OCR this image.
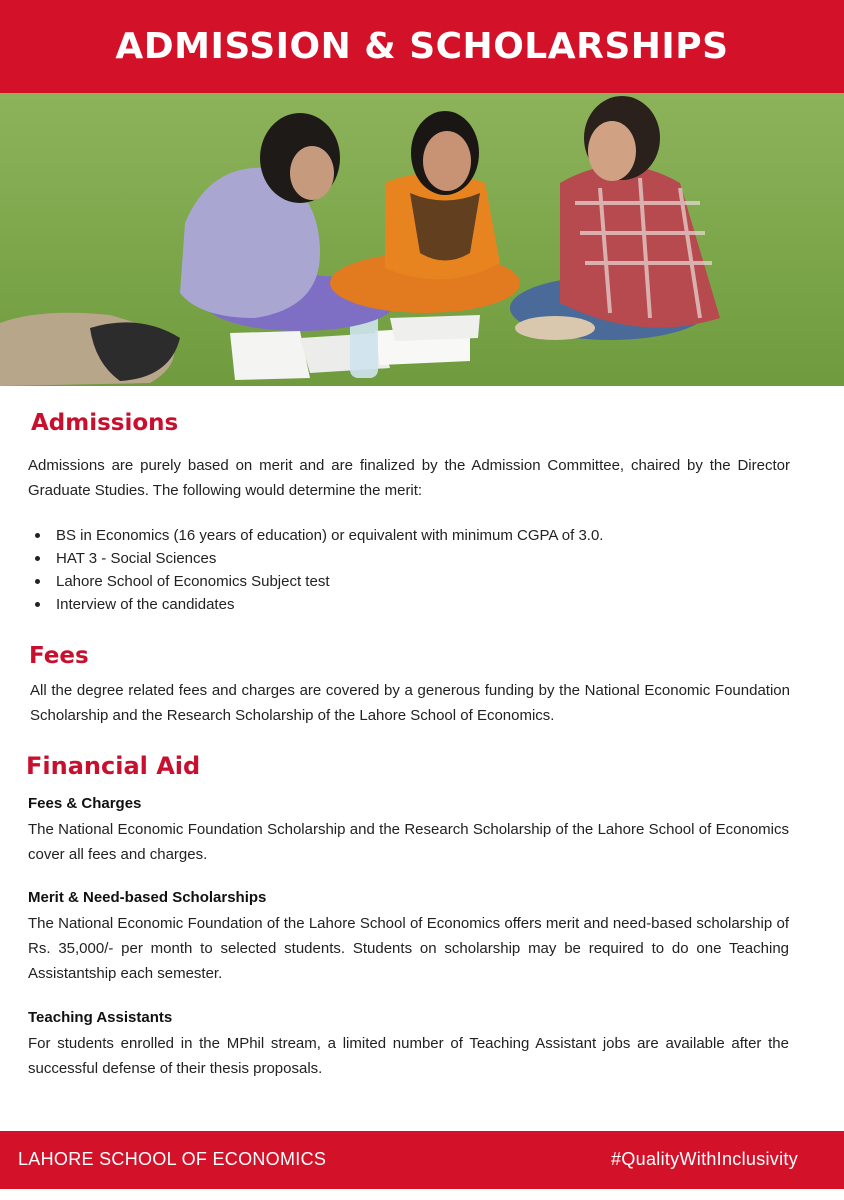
ADMISSION & SCHOLARSHIPS
Admissions

Admissions are purely based on merit and are finalized by the Admission Committee, chaired by the Director Graduate Studies. The following would determine the merit:

BS in Economics (16 years of education) or equivalent with minimum CGPA of 3.0.
HAT 3 - Social Sciences
Lahore School of Economics Subject test
Interview of the candidates
Fees

All the degree related fees and charges are covered by a generous funding by the National Economic Foundation Scholarship and the Research Scholarship of the Lahore School of Economics.

Financial Aid
Fees & Charges

The National Economic Foundation Scholarship and the Research Scholarship of the Lahore School of Economics cover all fees and charges.

Merit & Need-based Scholarships

The National Economic Foundation of the Lahore School of Economics offers merit and need-based scholarship of Rs. 35,000/- per month to selected students. Students on scholarship may be required to do one Teaching Assistantship each semester.

Teaching Assistants

For students enrolled in the MPhil stream, a limited number of Teaching Assistant jobs are available after the successful defense of their thesis proposals.

LAHORE SCHOOL OF ECONOMICS	#QualityWithInclusivity
